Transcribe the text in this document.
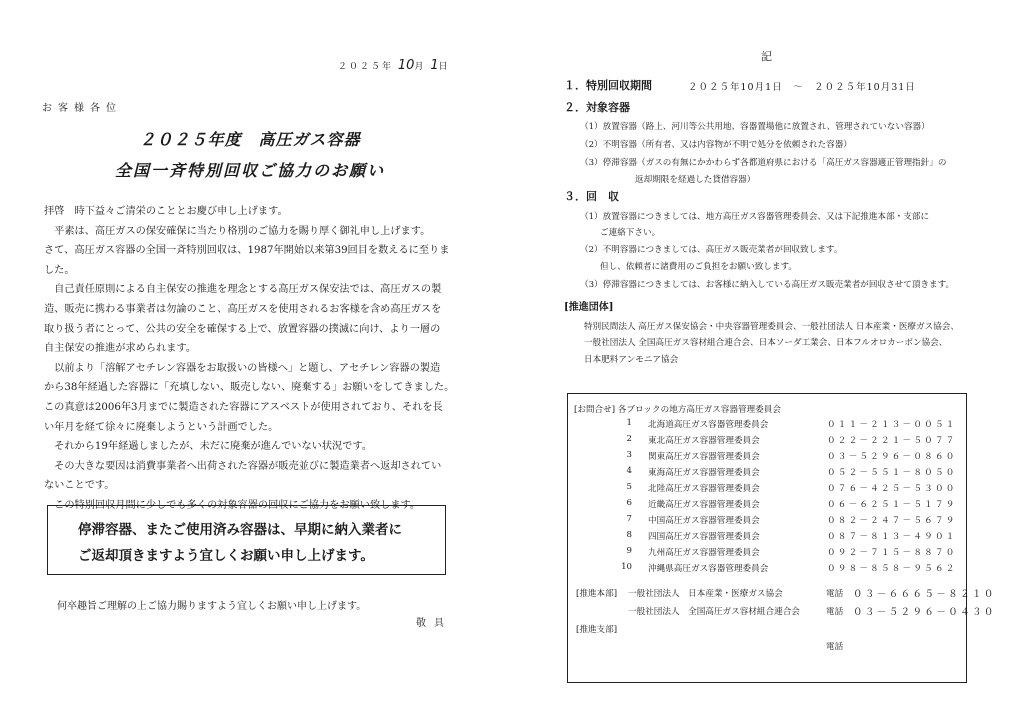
２０２５年 10月 1日
お客様各位
２０２５年度　高圧ガス容器
全国一斉特別回収ご協力のお願い
拝啓　時下益々ご清栄のこととお慶び申し上げます。
　平素は、高圧ガスの保安確保に当たり格別のご協力を賜り厚く御礼申し上げます。
さて、高圧ガス容器の全国一斉特別回収は、1987年開始以来第39回目を数えるに至りま
した。
　自己責任原則による自主保安の推進を理念とする高圧ガス保安法では、高圧ガスの製
造、販売に携わる事業者は勿論のこと、高圧ガスを使用されるお客様を含め高圧ガスを
取り扱う者にとって、公共の安全を確保する上で、放置容器の撲滅に向け、より一層の
自主保安の推進が求められます。
　以前より「溶解アセチレン容器をお取扱いの皆様へ」と題し、アセチレン容器の製造
から38年経過した容器に「充填しない、販売しない、廃棄する」お願いをしてきました。
この真意は2006年3月までに製造された容器にアスベストが使用されており、それを長
い年月を経て徐々に廃棄しようという計画でした。
　それから19年経過しましたが、未だに廃棄が進んでいない状況です。
　その大きな要因は消費事業者へ出荷された容器が販売並びに製造業者へ返却されてい
ないことです。
　この特別回収月間に少しでも多くの対象容器の回収にご協力をお願い致します。
停滞容器、またご使用済み容器は、早期に納入業者に
ご返却頂きますよう宜しくお願い申し上げます。
何卒趣旨ご理解の上ご協力賜りますよう宜しくお願い申し上げます。
敬具
記
１．特別回収期間	２０２５年10月1日　～　２０２５年10月31日
２．対象容器
（1）放置容器（路上、河川等公共用地、容器置場他に放置され、管理されていない容器）
（2）不明容器（所有者、又は内容物が不明で処分を依頼された容器）
（3）停滞容器（ガスの有無にかかわらず各都道府県における「高圧ガス容器適正管理指針」の
返却期限を経過した貸借容器）
３．回　収
（1）放置容器につきましては、地方高圧ガス容器管理委員会、又は下記推進本部・支部に
ご連絡下さい。
（2）不明容器につきましては、高圧ガス販売業者が回収致します。
但し、依頼者に諸費用のご負担をお願い致します。
（3）停滞容器につきましては、お客様に納入している高圧ガス販売業者が回収させて頂きます。
[推進団体]
特別民間法人 高圧ガス保安協会・中央容器管理委員会、一般社団法人 日本産業・医療ガス協会、
一般社団法人 全国高圧ガス容材組合連合会、日本ソーダ工業会、日本フルオロカーボン協会、
日本肥料アンモニア協会
[お問合せ] 各ブロックの地方高圧ガス容器管理委員会
1 北海道高圧ガス容器管理委員会	０１１－２１３－００５１
2 東北高圧ガス容器管理委員会	０２２－２２１－５０７７
3 関東高圧ガス容器管理委員会	０３－５２９６－０８６０
4 東海高圧ガス容器管理委員会	０５２－５５１－８０５０
5 北陸高圧ガス容器管理委員会	０７６－４２５－５３００
6 近畿高圧ガス容器管理委員会	０６－６２５１－５１７９
7 中国高圧ガス容器管理委員会	０８２－２４７－５６７９
8 四国高圧ガス容器管理委員会	０８７－８１３－４９０１
9 九州高圧ガス容器管理委員会	０９２－７１５－８８７０
10 沖縄県高圧ガス容器管理委員会	０９８－８５８－９５６２
[推進本部] 一般社団法人　日本産業・医療ガス協会	電話 ０３－６６６５－８２１０
一般社団法人　全国高圧ガス容材組合連合会	電話 ０３－５２９６－０４３０
[推進支部]
電話
